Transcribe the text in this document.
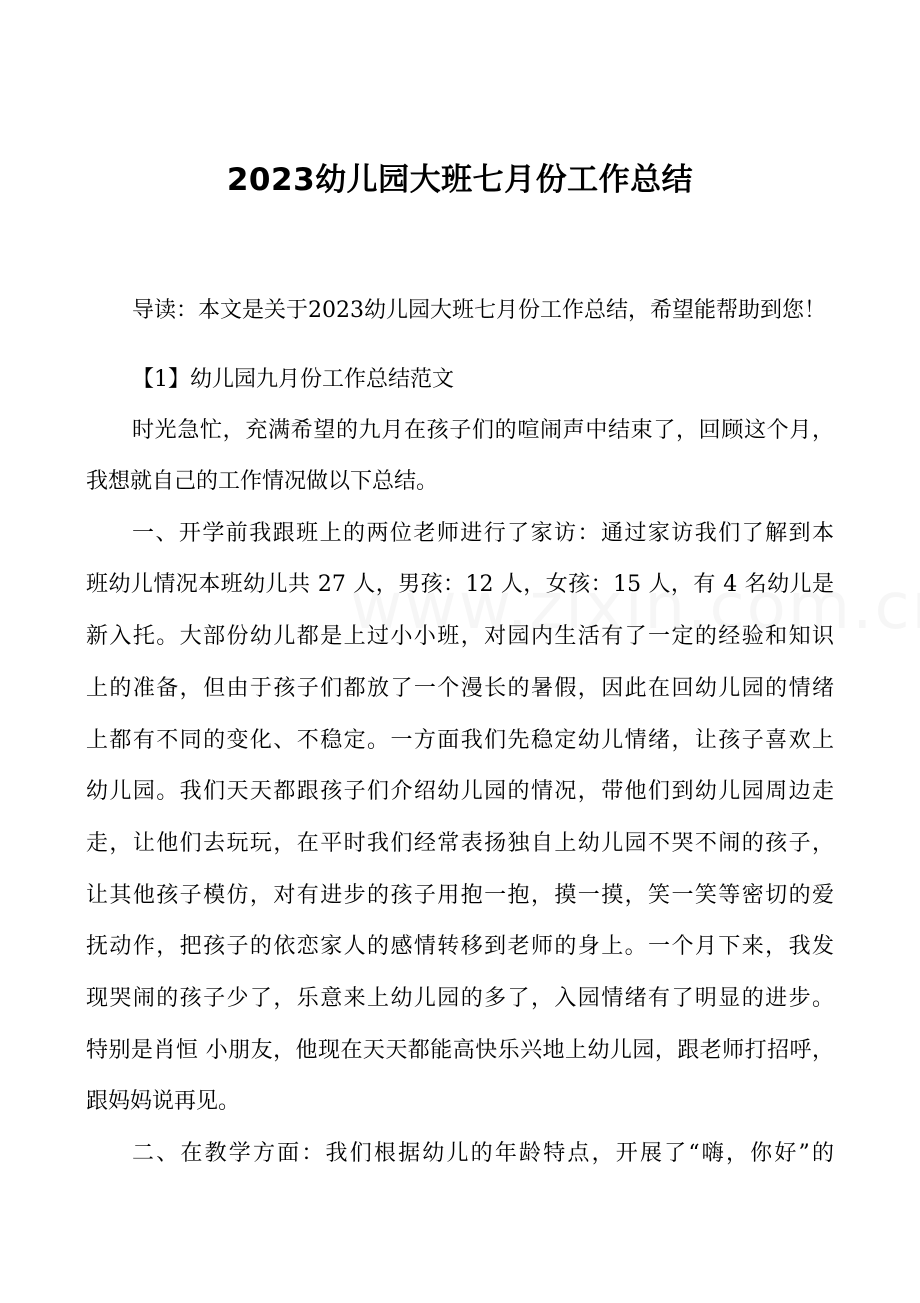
2023幼儿园大班七月份工作总结
导读：本文是关于2023幼儿园大班七月份工作总结，希望能帮助到您！
【1】幼儿园九月份工作总结范文
时光急忙，充满希望的九月在孩子们的喧闹声中结束了，回顾这个月，
我想就自己的工作情况做以下总结。
一、开学前我跟班上的两位老师进行了家访：通过家访我们了解到本
班幼儿情况本班幼儿共 27 人，男孩：12 人，女孩：15 人，有 4 名幼儿是
新入托。大部份幼儿都是上过小小班，对园内生活有了一定的经验和知识
上的准备，但由于孩子们都放了一个漫长的暑假，因此在回幼儿园的情绪
上都有不同的变化、不稳定。一方面我们先稳定幼儿情绪，让孩子喜欢上
幼儿园。我们天天都跟孩子们介绍幼儿园的情况，带他们到幼儿园周边走
走，让他们去玩玩，在平时我们经常表扬独自上幼儿园不哭不闹的孩子，
让其他孩子模仿，对有进步的孩子用抱一抱，摸一摸，笑一笑等密切的爱
抚动作，把孩子的依恋家人的感情转移到老师的身上。一个月下来，我发
现哭闹的孩子少了，乐意来上幼儿园的多了，入园情绪有了明显的进步。
特别是肖恒 小朋友，他现在天天都能高快乐兴地上幼儿园，跟老师打招呼，
跟妈妈说再见。
二、在教学方面：我们根据幼儿的年龄特点，开展了“嗨，你好”的
